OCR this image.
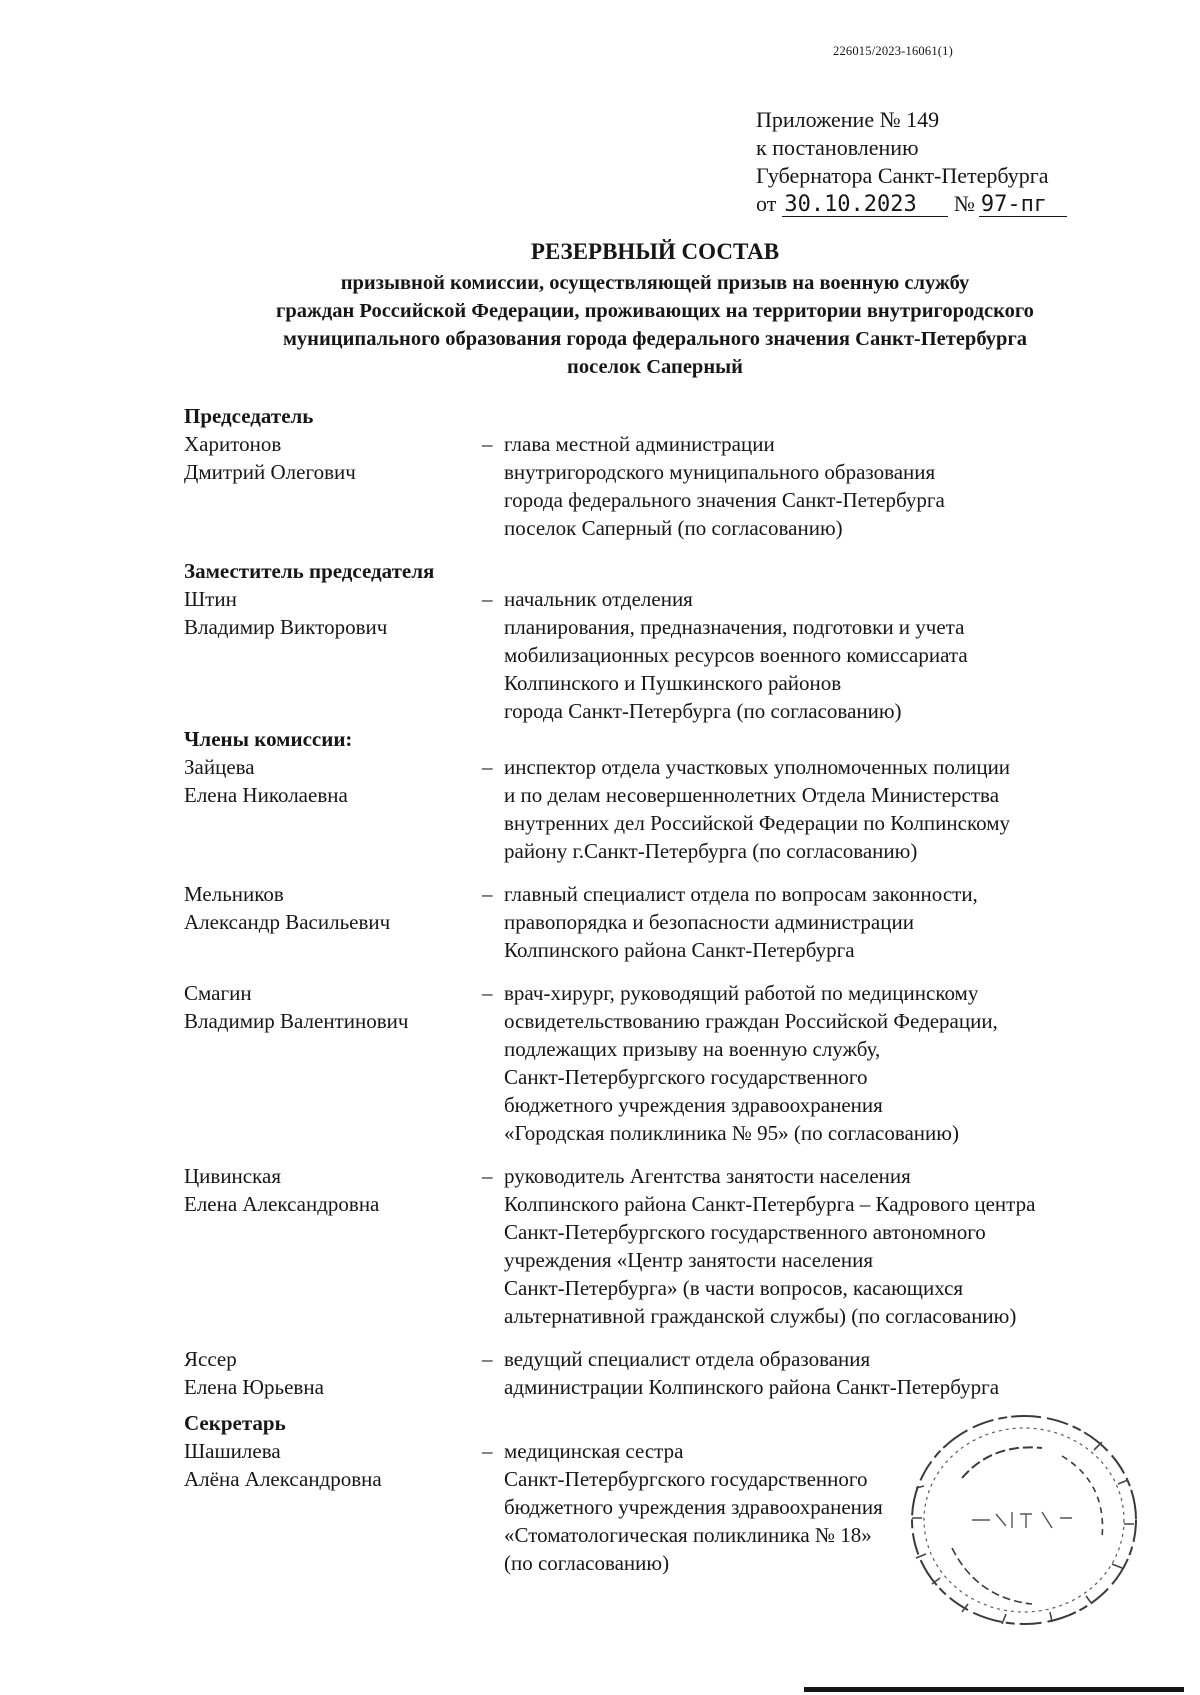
226015/2023-16061(1)
Приложение № 149
к постановлению
Губернатора Санкт-Петербурга
от 30.10.2023 № 97-пг
РЕЗЕРВНЫЙ СОСТАВ
призывной комиссии, осуществляющей призыв на военную службу
граждан Российской Федерации, проживающих на территории внутригородского
муниципального образования города федерального значения Санкт-Петербурга
поселок Саперный
Председатель
Харитонов
Дмитрий Олегович
– глава местной администрации
внутригородского муниципального образования
города федерального значения Санкт-Петербурга
поселок Саперный (по согласованию)
Заместитель председателя
Штин
Владимир Викторович
– начальник отделения
планирования, предназначения, подготовки и учета
мобилизационных ресурсов военного комиссариата
Колпинского и Пушкинского районов
города Санкт-Петербурга (по согласованию)
Члены комиссии:
Зайцева
Елена Николаевна
– инспектор отдела участковых уполномоченных полиции
и по делам несовершеннолетних Отдела Министерства
внутренних дел Российской Федерации по Колпинскому
району г.Санкт-Петербурга (по согласованию)
Мельников
Александр Васильевич
– главный специалист отдела по вопросам законности,
правопорядка и безопасности администрации
Колпинского района Санкт-Петербурга
Смагин
Владимир Валентинович
– врач-хирург, руководящий работой по медицинскому
освидетельствованию граждан Российской Федерации,
подлежащих призыву на военную службу,
Санкт-Петербургского государственного
бюджетного учреждения здравоохранения
«Городская поликлиника № 95» (по согласованию)
Цивинская
Елена Александровна
– руководитель Агентства занятости населения
Колпинского района Санкт-Петербурга – Кадрового центра
Санкт-Петербургского государственного автономного
учреждения «Центр занятости населения
Санкт-Петербурга» (в части вопросов, касающихся
альтернативной гражданской службы) (по согласованию)
Яссер
Елена Юрьевна
– ведущий специалист отдела образования
администрации Колпинского района Санкт-Петербурга
Секретарь
Шашилева
Алёна Александровна
– медицинская сестра
Санкт-Петербургского государственного
бюджетного учреждения здравоохранения
«Стоматологическая поликлиника № 18»
(по согласованию)
